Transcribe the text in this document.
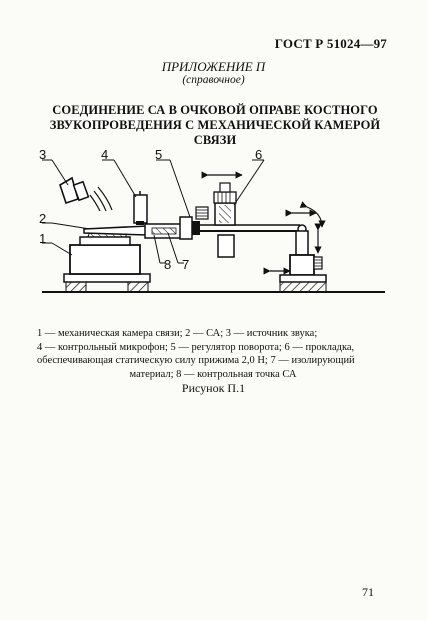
ГОСТ Р 51024—97
ПРИЛОЖЕНИЕ П
(справочное)
СОЕДИНЕНИЕ СА В ОЧКОВОЙ ОПРАВЕ КОСТНОГО
ЗВУКОПРОВЕДЕНИЯ С МЕХАНИЧЕСКОЙ КАМЕРОЙ СВЯЗИ
3	4	5	6
2
1
8 7
1 — механическая камера связи; 2 — СА; 3 — источник звука;
4 — контрольный микрофон; 5 — регулятор поворота; 6 — прокладка,
обеспечивающая статическую силу прижима 2,0 Н; 7 — изолирующий
материал; 8 — контрольная точка СА
Рисунок П.1
71
